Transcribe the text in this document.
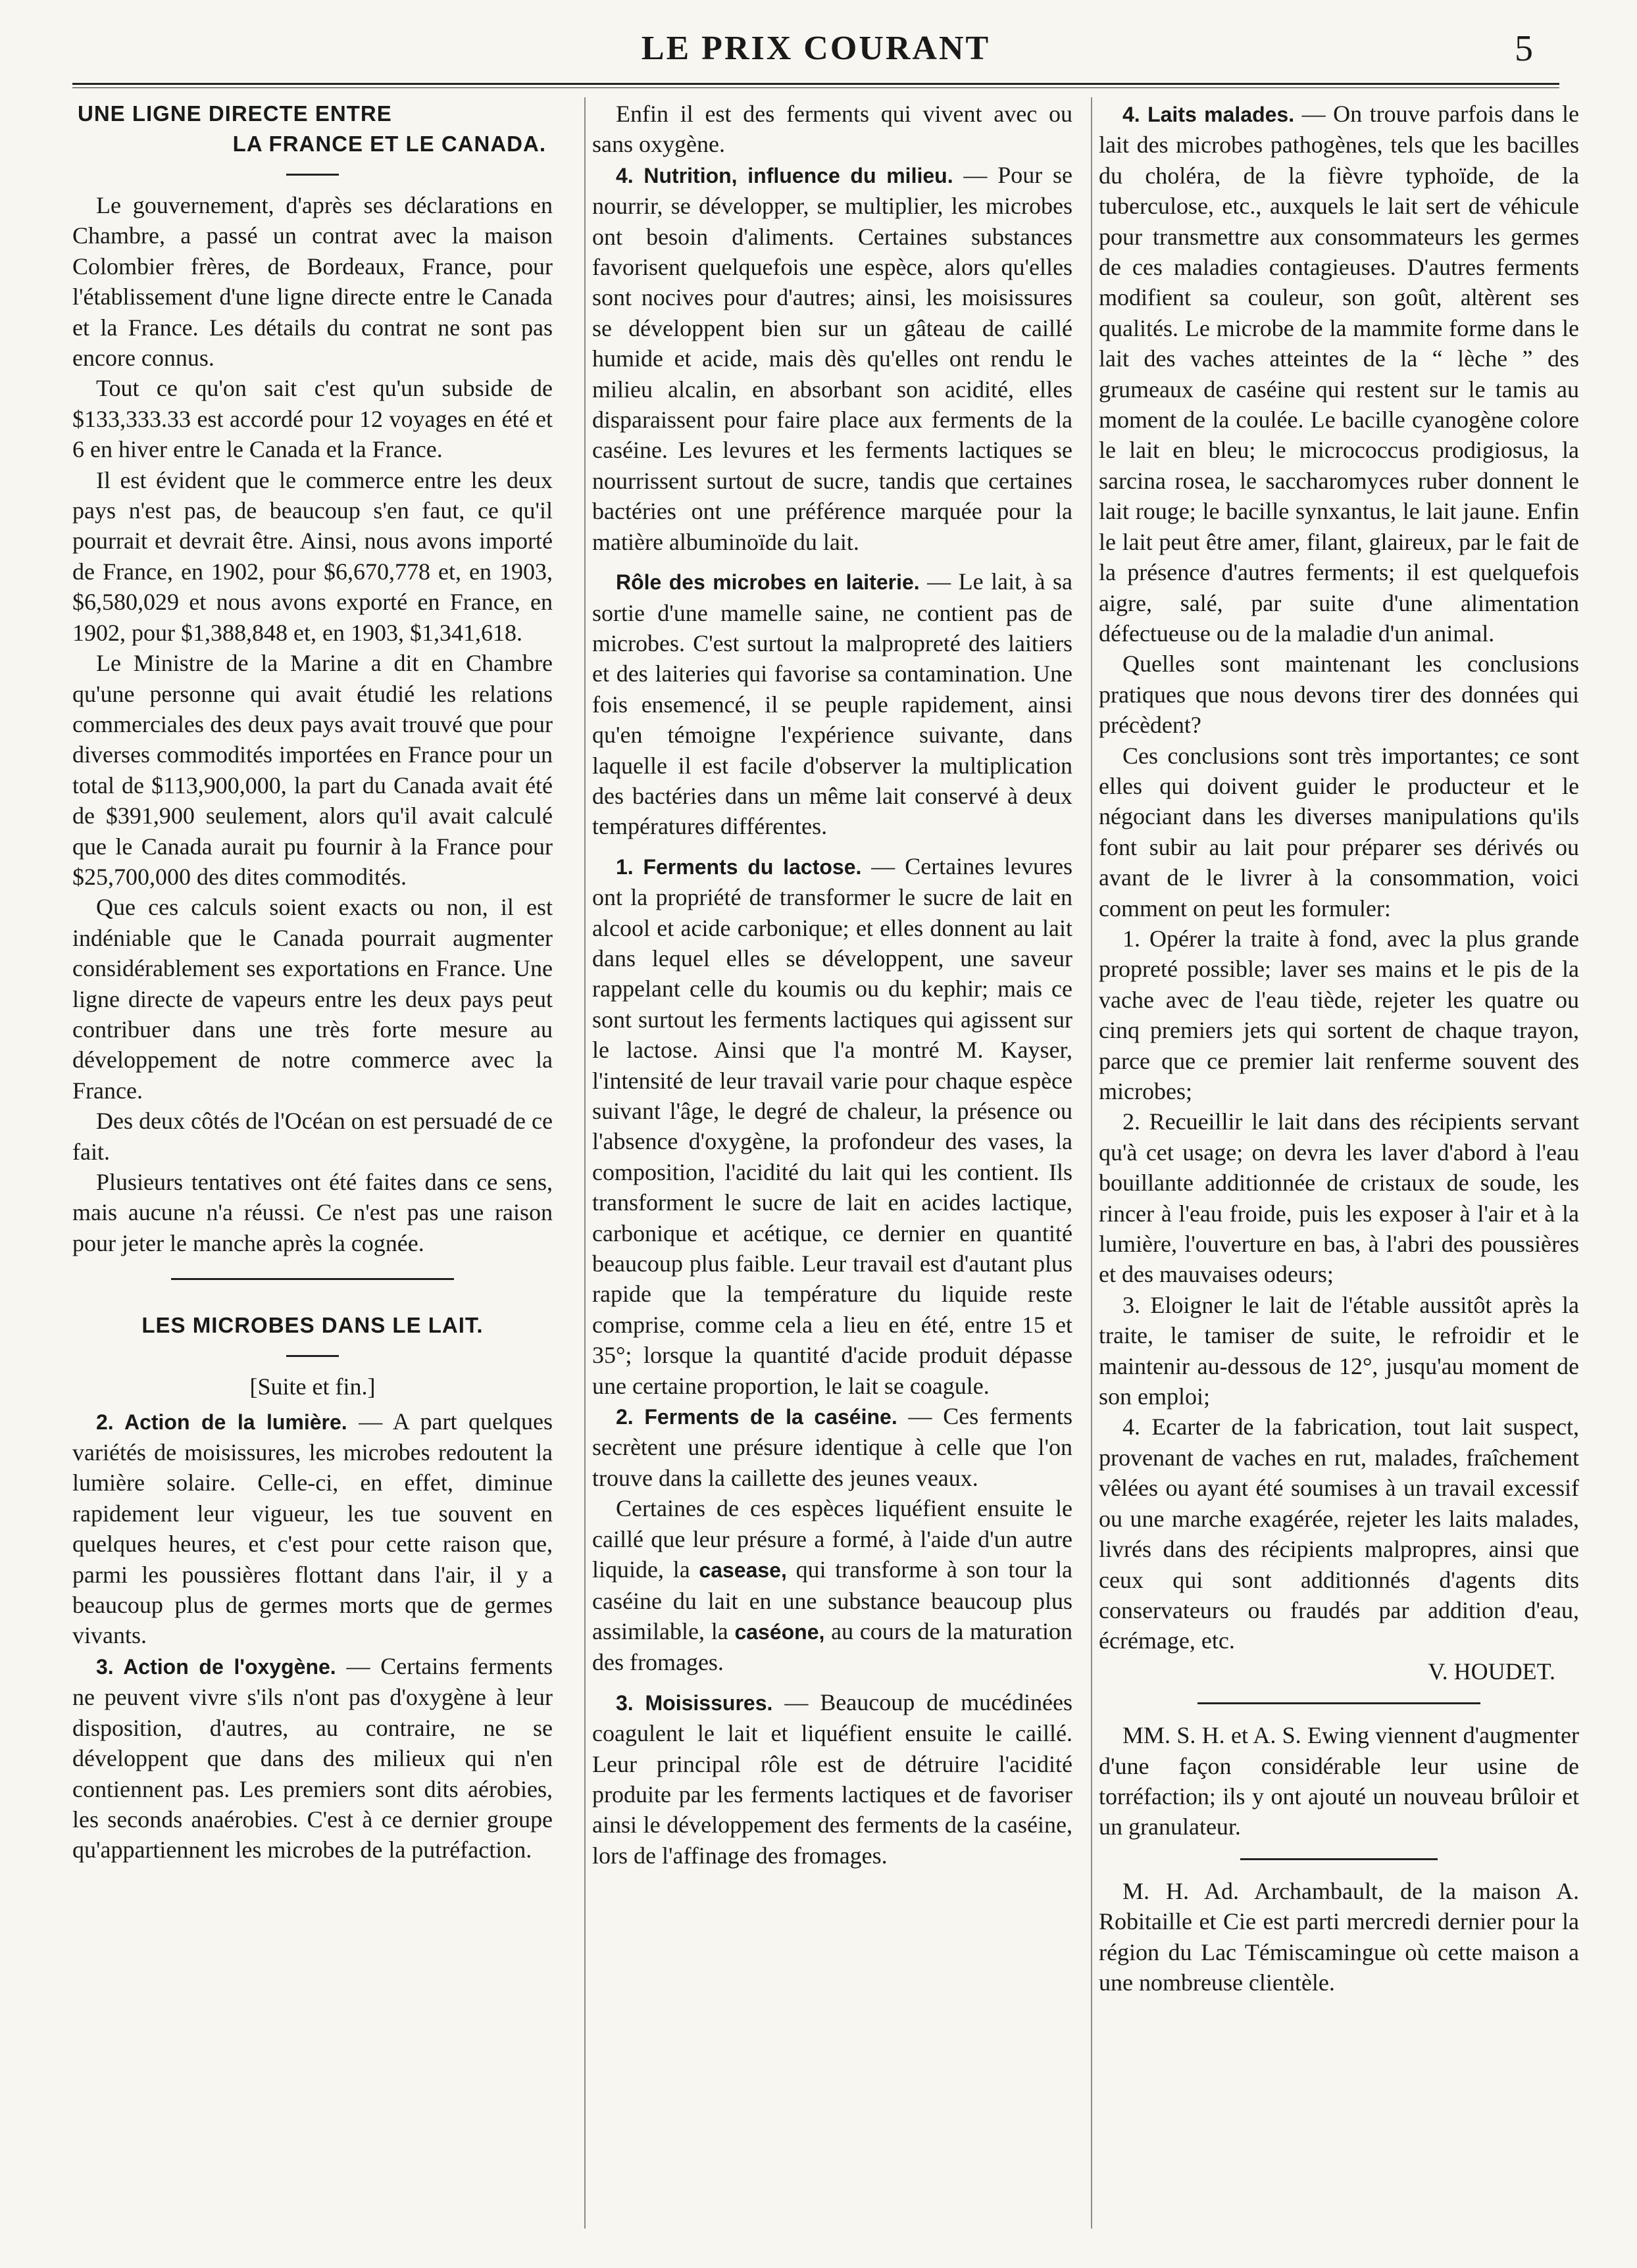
LE PRIX COURANT	5
UNE LIGNE DIRECTE ENTRE
LA FRANCE ET LE CANADA.

Le gouvernement, d'après ses déclarations en Chambre, a passé un contrat avec la maison Colombier frères, de Bordeaux, France, pour l'établissement d'une ligne directe entre le Canada et la France. Les détails du contrat ne sont pas encore connus.

Tout ce qu'on sait c'est qu'un subside de $133,333.33 est accordé pour 12 voyages en été et 6 en hiver entre le Canada et la France.

Il est évident que le commerce entre les deux pays n'est pas, de beaucoup s'en faut, ce qu'il pourrait et devrait être. Ainsi, nous avons importé de France, en 1902, pour $6,670,778 et, en 1903, $6,580,029 et nous avons exporté en France, en 1902, pour $1,388,848 et, en 1903, $1,341,618.

Le Ministre de la Marine a dit en Chambre qu'une personne qui avait étudié les relations commerciales des deux pays avait trouvé que pour diverses commodités importées en France pour un total de $113,900,000, la part du Canada avait été de $391,900 seulement, alors qu'il avait calculé que le Canada aurait pu fournir à la France pour $25,700,000 des dites commodités.

Que ces calculs soient exacts ou non, il est indéniable que le Canada pourrait augmenter considérablement ses exportations en France. Une ligne directe de vapeurs entre les deux pays peut contribuer dans une très forte mesure au développement de notre commerce avec la France.

Des deux côtés de l'Océan on est persuadé de ce fait.

Plusieurs tentatives ont été faites dans ce sens, mais aucune n'a réussi. Ce n'est pas une raison pour jeter le manche après la cognée.

LES MICROBES DANS LE LAIT.
[Suite et fin.]

2. Action de la lumière. — A part quelques variétés de moisissures, les microbes redoutent la lumière solaire. Celle-ci, en effet, diminue rapidement leur vigueur, les tue souvent en quelques heures, et c'est pour cette raison que, parmi les poussières flottant dans l'air, il y a beaucoup plus de germes morts que de germes vivants.

3. Action de l'oxygène. — Certains ferments ne peuvent vivre s'ils n'ont pas d'oxygène à leur disposition, d'autres, au contraire, ne se développent que dans des milieux qui n'en contiennent pas. Les premiers sont dits aérobies, les seconds anaérobies. C'est à ce dernier groupe qu'appartiennent les microbes de la putréfaction.

Enfin il est des ferments qui vivent avec ou sans oxygène.

4. Nutrition, influence du milieu. — Pour se nourrir, se développer, se multiplier, les microbes ont besoin d'aliments. Certaines substances favorisent quelquefois une espèce, alors qu'elles sont nocives pour d'autres; ainsi, les moisissures se développent bien sur un gâteau de caillé humide et acide, mais dès qu'elles ont rendu le milieu alcalin, en absorbant son acidité, elles disparaissent pour faire place aux ferments de la caséine. Les levures et les ferments lactiques se nourrissent surtout de sucre, tandis que certaines bactéries ont une préférence marquée pour la matière albuminoïde du lait.

Rôle des microbes en laiterie. — Le lait, à sa sortie d'une mamelle saine, ne contient pas de microbes. C'est surtout la malpropreté des laitiers et des laiteries qui favorise sa contamination. Une fois ensemencé, il se peuple rapidement, ainsi qu'en témoigne l'expérience suivante, dans laquelle il est facile d'observer la multiplication des bactéries dans un même lait conservé à deux températures différentes.

1. Ferments du lactose. — Certaines levures ont la propriété de transformer le sucre de lait en alcool et acide carbonique; et elles donnent au lait dans lequel elles se développent, une saveur rappelant celle du koumis ou du kephir; mais ce sont surtout les ferments lactiques qui agissent sur le lactose. Ainsi que l'a montré M. Kayser, l'intensité de leur travail varie pour chaque espèce suivant l'âge, le degré de chaleur, la présence ou l'absence d'oxygène, la profondeur des vases, la composition, l'acidité du lait qui les contient. Ils transforment le sucre de lait en acides lactique, carbonique et acétique, ce dernier en quantité beaucoup plus faible. Leur travail est d'autant plus rapide que la température du liquide reste comprise, comme cela a lieu en été, entre 15 et 35°; lorsque la quantité d'acide produit dépasse une certaine proportion, le lait se coagule.

2. Ferments de la caséine. — Ces ferments secrètent une présure identique à celle que l'on trouve dans la caillette des jeunes veaux.

Certaines de ces espèces liquéfient ensuite le caillé que leur présure a formé, à l'aide d'un autre liquide, la casease, qui transforme à son tour la caséine du lait en une substance beaucoup plus assimilable, la caséone, au cours de la maturation des fromages.

3. Moisissures. — Beaucoup de mucédinées coagulent le lait et liquéfient ensuite le caillé. Leur principal rôle est de détruire l'acidité produite par les ferments lactiques et de favoriser ainsi le développement des ferments de la caséine, lors de l'affinage des fromages.

4. Laits malades. — On trouve parfois dans le lait des microbes pathogènes, tels que les bacilles du choléra, de la fièvre typhoïde, de la tuberculose, etc., auxquels le lait sert de véhicule pour transmettre aux consommateurs les germes de ces maladies contagieuses. D'autres ferments modifient sa couleur, son goût, altèrent ses qualités. Le microbe de la mammite forme dans le lait des vaches atteintes de la “ lèche ” des grumeaux de caséine qui restent sur le tamis au moment de la coulée. Le bacille cyanogène colore le lait en bleu; le micrococcus prodigiosus, la sarcina rosea, le saccharomyces ruber donnent le lait rouge; le bacille synxantus, le lait jaune. Enfin le lait peut être amer, filant, glaireux, par le fait de la présence d'autres ferments; il est quelquefois aigre, salé, par suite d'une alimentation défectueuse ou de la maladie d'un animal.

Quelles sont maintenant les conclusions pratiques que nous devons tirer des données qui précèdent?

Ces conclusions sont très importantes; ce sont elles qui doivent guider le producteur et le négociant dans les diverses manipulations qu'ils font subir au lait pour préparer ses dérivés ou avant de le livrer à la consommation, voici comment on peut les formuler:

1. Opérer la traite à fond, avec la plus grande propreté possible; laver ses mains et le pis de la vache avec de l'eau tiède, rejeter les quatre ou cinq premiers jets qui sortent de chaque trayon, parce que ce premier lait renferme souvent des microbes;

2. Recueillir le lait dans des récipients servant qu'à cet usage; on devra les laver d'abord à l'eau bouillante additionnée de cristaux de soude, les rincer à l'eau froide, puis les exposer à l'air et à la lumière, l'ouverture en bas, à l'abri des poussières et des mauvaises odeurs;

3. Eloigner le lait de l'étable aussitôt après la traite, le tamiser de suite, le refroidir et le maintenir au-dessous de 12°, jusqu'au moment de son emploi;

4. Ecarter de la fabrication, tout lait suspect, provenant de vaches en rut, malades, fraîchement vêlées ou ayant été soumises à un travail excessif ou une marche exagérée, rejeter les laits malades, livrés dans des récipients malpropres, ainsi que ceux qui sont additionnés d'agents dits conservateurs ou fraudés par addition d'eau, écrémage, etc.

V. HOUDET.

MM. S. H. et A. S. Ewing viennent d'augmenter d'une façon considérable leur usine de torréfaction; ils y ont ajouté un nouveau brûloir et un granulateur.

M. H. Ad. Archambault, de la maison A. Robitaille et Cie est parti mercredi dernier pour la région du Lac Témiscamingue où cette maison a une nombreuse clientèle.
